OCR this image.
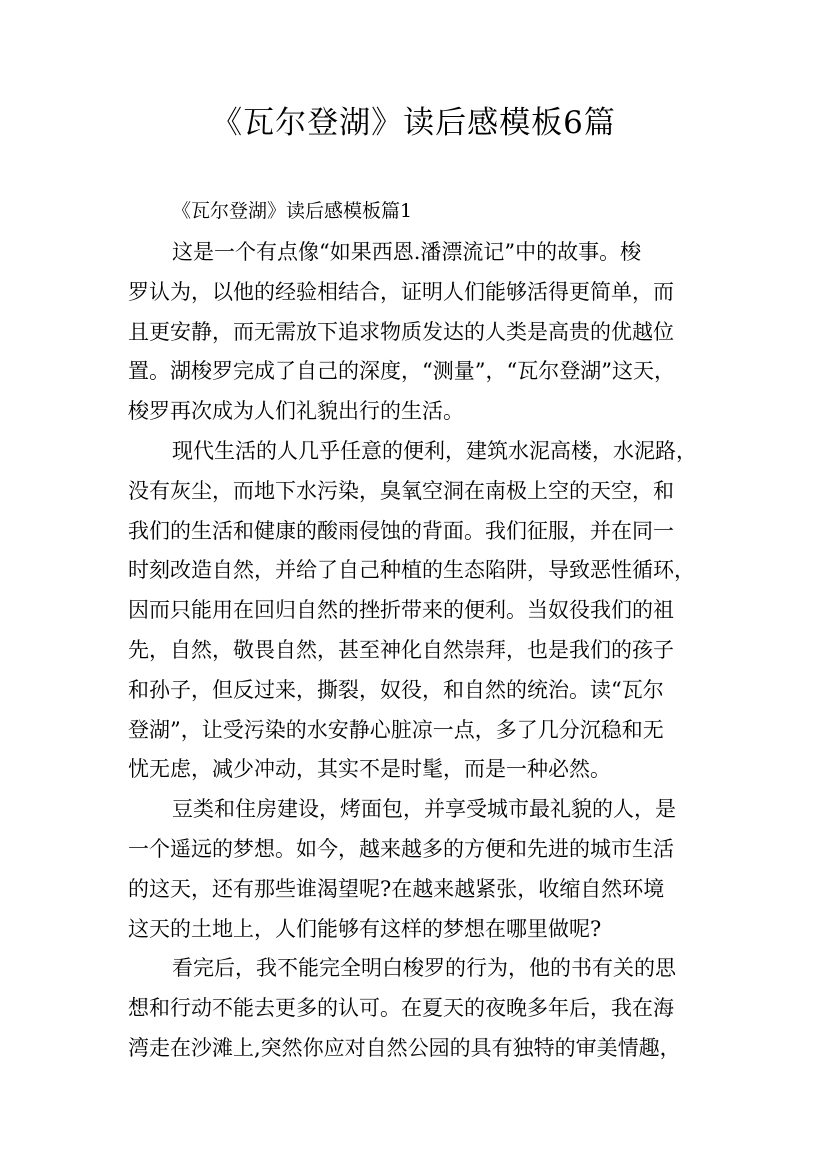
《瓦尔登湖》读后感模板6篇

《瓦尔登湖》读后感模板篇1

这是一个有点像“如果西恩.潘漂流记”中的故事。梭
罗认为，以他的经验相结合，证明人们能够活得更简单，而
且更安静，而无需放下追求物质发达的人类是高贵的优越位
置。湖梭罗完成了自己的深度，“测量”，“瓦尔登湖”这天，
梭罗再次成为人们礼貌出行的生活。

现代生活的人几乎任意的便利，建筑水泥高楼，水泥路，
没有灰尘，而地下水污染，臭氧空洞在南极上空的天空，和
我们的生活和健康的酸雨侵蚀的背面。我们征服，并在同一
时刻改造自然，并给了自己种植的生态陷阱，导致恶性循环，
因而只能用在回归自然的挫折带来的便利。当奴役我们的祖
先，自然，敬畏自然，甚至神化自然崇拜，也是我们的孩子
和孙子，但反过来，撕裂，奴役，和自然的统治。读“瓦尔
登湖”，让受污染的水安静心脏凉一点，多了几分沉稳和无
忧无虑，减少冲动，其实不是时髦，而是一种必然。

豆类和住房建设，烤面包，并享受城市最礼貌的人，是
一个遥远的梦想。如今，越来越多的方便和先进的城市生活
的这天，还有那些谁渴望呢?在越来越紧张，收缩自然环境
这天的土地上，人们能够有这样的梦想在哪里做呢?

看完后，我不能完全明白梭罗的行为，他的书有关的思
想和行动不能去更多的认可。在夏天的夜晚多年后，我在海
湾走在沙滩上,突然你应对自然公园的具有独特的审美情趣，
